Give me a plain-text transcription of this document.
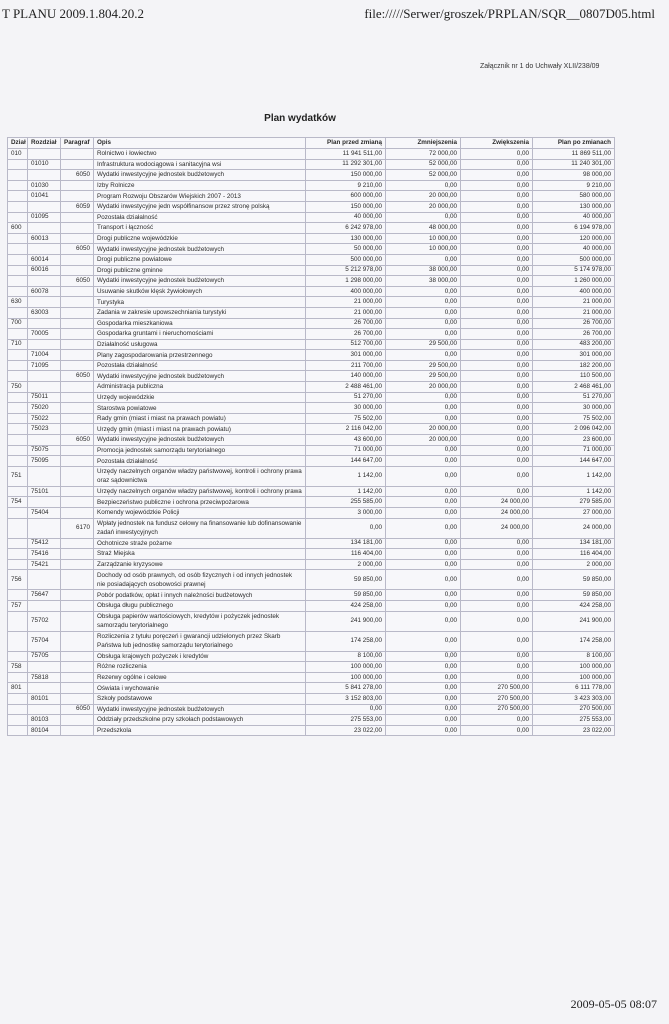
T PLANU 2009.1.804.20.2	file://///Serwer/groszek/PRPLAN/SQR__0807D05.html
Załącznik nr 1 do Uchwały XLII/238/09
Plan wydatków
Dział	Rozdział	Paragraf	Opis	Plan przed zmianą	Zmniejszenia	Zwiększenia	Plan po zmianach
010			Rolnictwo i łowiectwo	11 941 511,00	72 000,00	0,00	11 869 511,00
	01010		Infrastruktura wodociągowa i sanitacyjna wsi	11 292 301,00	52 000,00	0,00	11 240 301,00
		6050	Wydatki inwestycyjne jednostek budżetowych	150 000,00	52 000,00	0,00	98 000,00
	01030		Izby Rolnicze	9 210,00	0,00	0,00	9 210,00
	01041		Program Rozwoju Obszarów Wiejskich 2007 - 2013	600 000,00	20 000,00	0,00	580 000,00
		6059	Wydatki inwestycyjne jedn współfinansow przez stronę polską	150 000,00	20 000,00	0,00	130 000,00
	01095		Pozostała działalność	40 000,00	0,00	0,00	40 000,00
600			Transport i łączność	6 242 978,00	48 000,00	0,00	6 194 978,00
	60013		Drogi publiczne wojewódzkie	130 000,00	10 000,00	0,00	120 000,00
		6050	Wydatki inwestycyjne jednostek budżetowych	50 000,00	10 000,00	0,00	40 000,00
	60014		Drogi publiczne powiatowe	500 000,00	0,00	0,00	500 000,00
	60016		Drogi publiczne gminne	5 212 978,00	38 000,00	0,00	5 174 978,00
		6050	Wydatki inwestycyjne jednostek budżetowych	1 298 000,00	38 000,00	0,00	1 260 000,00
	60078		Usuwanie skutków klęsk żywiołowych	400 000,00	0,00	0,00	400 000,00
630			Turystyka	21 000,00	0,00	0,00	21 000,00
	63003		Zadania w zakresie upowszechniania turystyki	21 000,00	0,00	0,00	21 000,00
700			Gospodarka mieszkaniowa	26 700,00	0,00	0,00	26 700,00
	70005		Gospodarka gruntami i nieruchomościami	26 700,00	0,00	0,00	26 700,00
710			Działalność usługowa	512 700,00	29 500,00	0,00	483 200,00
	71004		Plany zagospodarowania przestrzennego	301 000,00	0,00	0,00	301 000,00
	71095		Pozostała działalność	211 700,00	29 500,00	0,00	182 200,00
		6050	Wydatki inwestycyjne jednostek budżetowych	140 000,00	29 500,00	0,00	110 500,00
750			Administracja publiczna	2 488 461,00	20 000,00	0,00	2 468 461,00
	75011		Urzędy wojewódzkie	51 270,00	0,00	0,00	51 270,00
	75020		Starostwa powiatowe	30 000,00	0,00	0,00	30 000,00
	75022		Rady gmin (miast i miast na prawach powiatu)	75 502,00	0,00	0,00	75 502,00
	75023		Urzędy gmin (miast i miast na prawach powiatu)	2 116 042,00	20 000,00	0,00	2 096 042,00
		6050	Wydatki inwestycyjne jednostek budżetowych	43 600,00	20 000,00	0,00	23 600,00
	75075		Promocja jednostek samorządu terytorialnego	71 000,00	0,00	0,00	71 000,00
	75095		Pozostała działalność	144 647,00	0,00	0,00	144 647,00
751			Urzędy naczelnych organów władzy państwowej, kontroli i ochrony prawa oraz sądownictwa	1 142,00	0,00	0,00	1 142,00
	75101		Urzędy naczelnych organów władzy państwowej, kontroli i ochrony prawa	1 142,00	0,00	0,00	1 142,00
754			Bezpieczeństwo publiczne i ochrona przeciwpożarowa	255 585,00	0,00	24 000,00	279 585,00
	75404		Komendy wojewódzkie Policji	3 000,00	0,00	24 000,00	27 000,00
		6170	Wpłaty jednostek na fundusz celowy na finansowanie lub dofinansowanie zadań inwestycyjnych	0,00	0,00	24 000,00	24 000,00
	75412		Ochotnicze straże pożarne	134 181,00	0,00	0,00	134 181,00
	75416		Straż Miejska	116 404,00	0,00	0,00	116 404,00
	75421		Zarządzanie kryzysowe	2 000,00	0,00	0,00	2 000,00
756			Dochody od osób prawnych, od osób fizycznych i od innych jednostek nie posiadających osobowości prawnej	59 850,00	0,00	0,00	59 850,00
	75647		Pobór podatków, opłat i innych należności budżetowych	59 850,00	0,00	0,00	59 850,00
757			Obsługa długu publicznego	424 258,00	0,00	0,00	424 258,00
	75702		Obsługa papierów wartościowych, kredytów i pożyczek jednostek samorządu terytorialnego	241 900,00	0,00	0,00	241 900,00
	75704		Rozliczenia z tytułu poręczeń i gwarancji udzielonych przez Skarb Państwa lub jednostkę samorządu terytorialnego	174 258,00	0,00	0,00	174 258,00
	75705		Obsługa krajowych pożyczek i kredytów	8 100,00	0,00	0,00	8 100,00
758			Różne rozliczenia	100 000,00	0,00	0,00	100 000,00
	75818		Rezerwy ogólne i celowe	100 000,00	0,00	0,00	100 000,00
801			Oświata i wychowanie	5 841 278,00	0,00	270 500,00	6 111 778,00
	80101		Szkoły podstawowe	3 152 803,00	0,00	270 500,00	3 423 303,00
		6050	Wydatki inwestycyjne jednostek budżetowych	0,00	0,00	270 500,00	270 500,00
	80103		Oddziały przedszkolne przy szkołach podstawowych	275 553,00	0,00	0,00	275 553,00
	80104		Przedszkola	23 022,00	0,00	0,00	23 022,00
2009-05-05 08:07
